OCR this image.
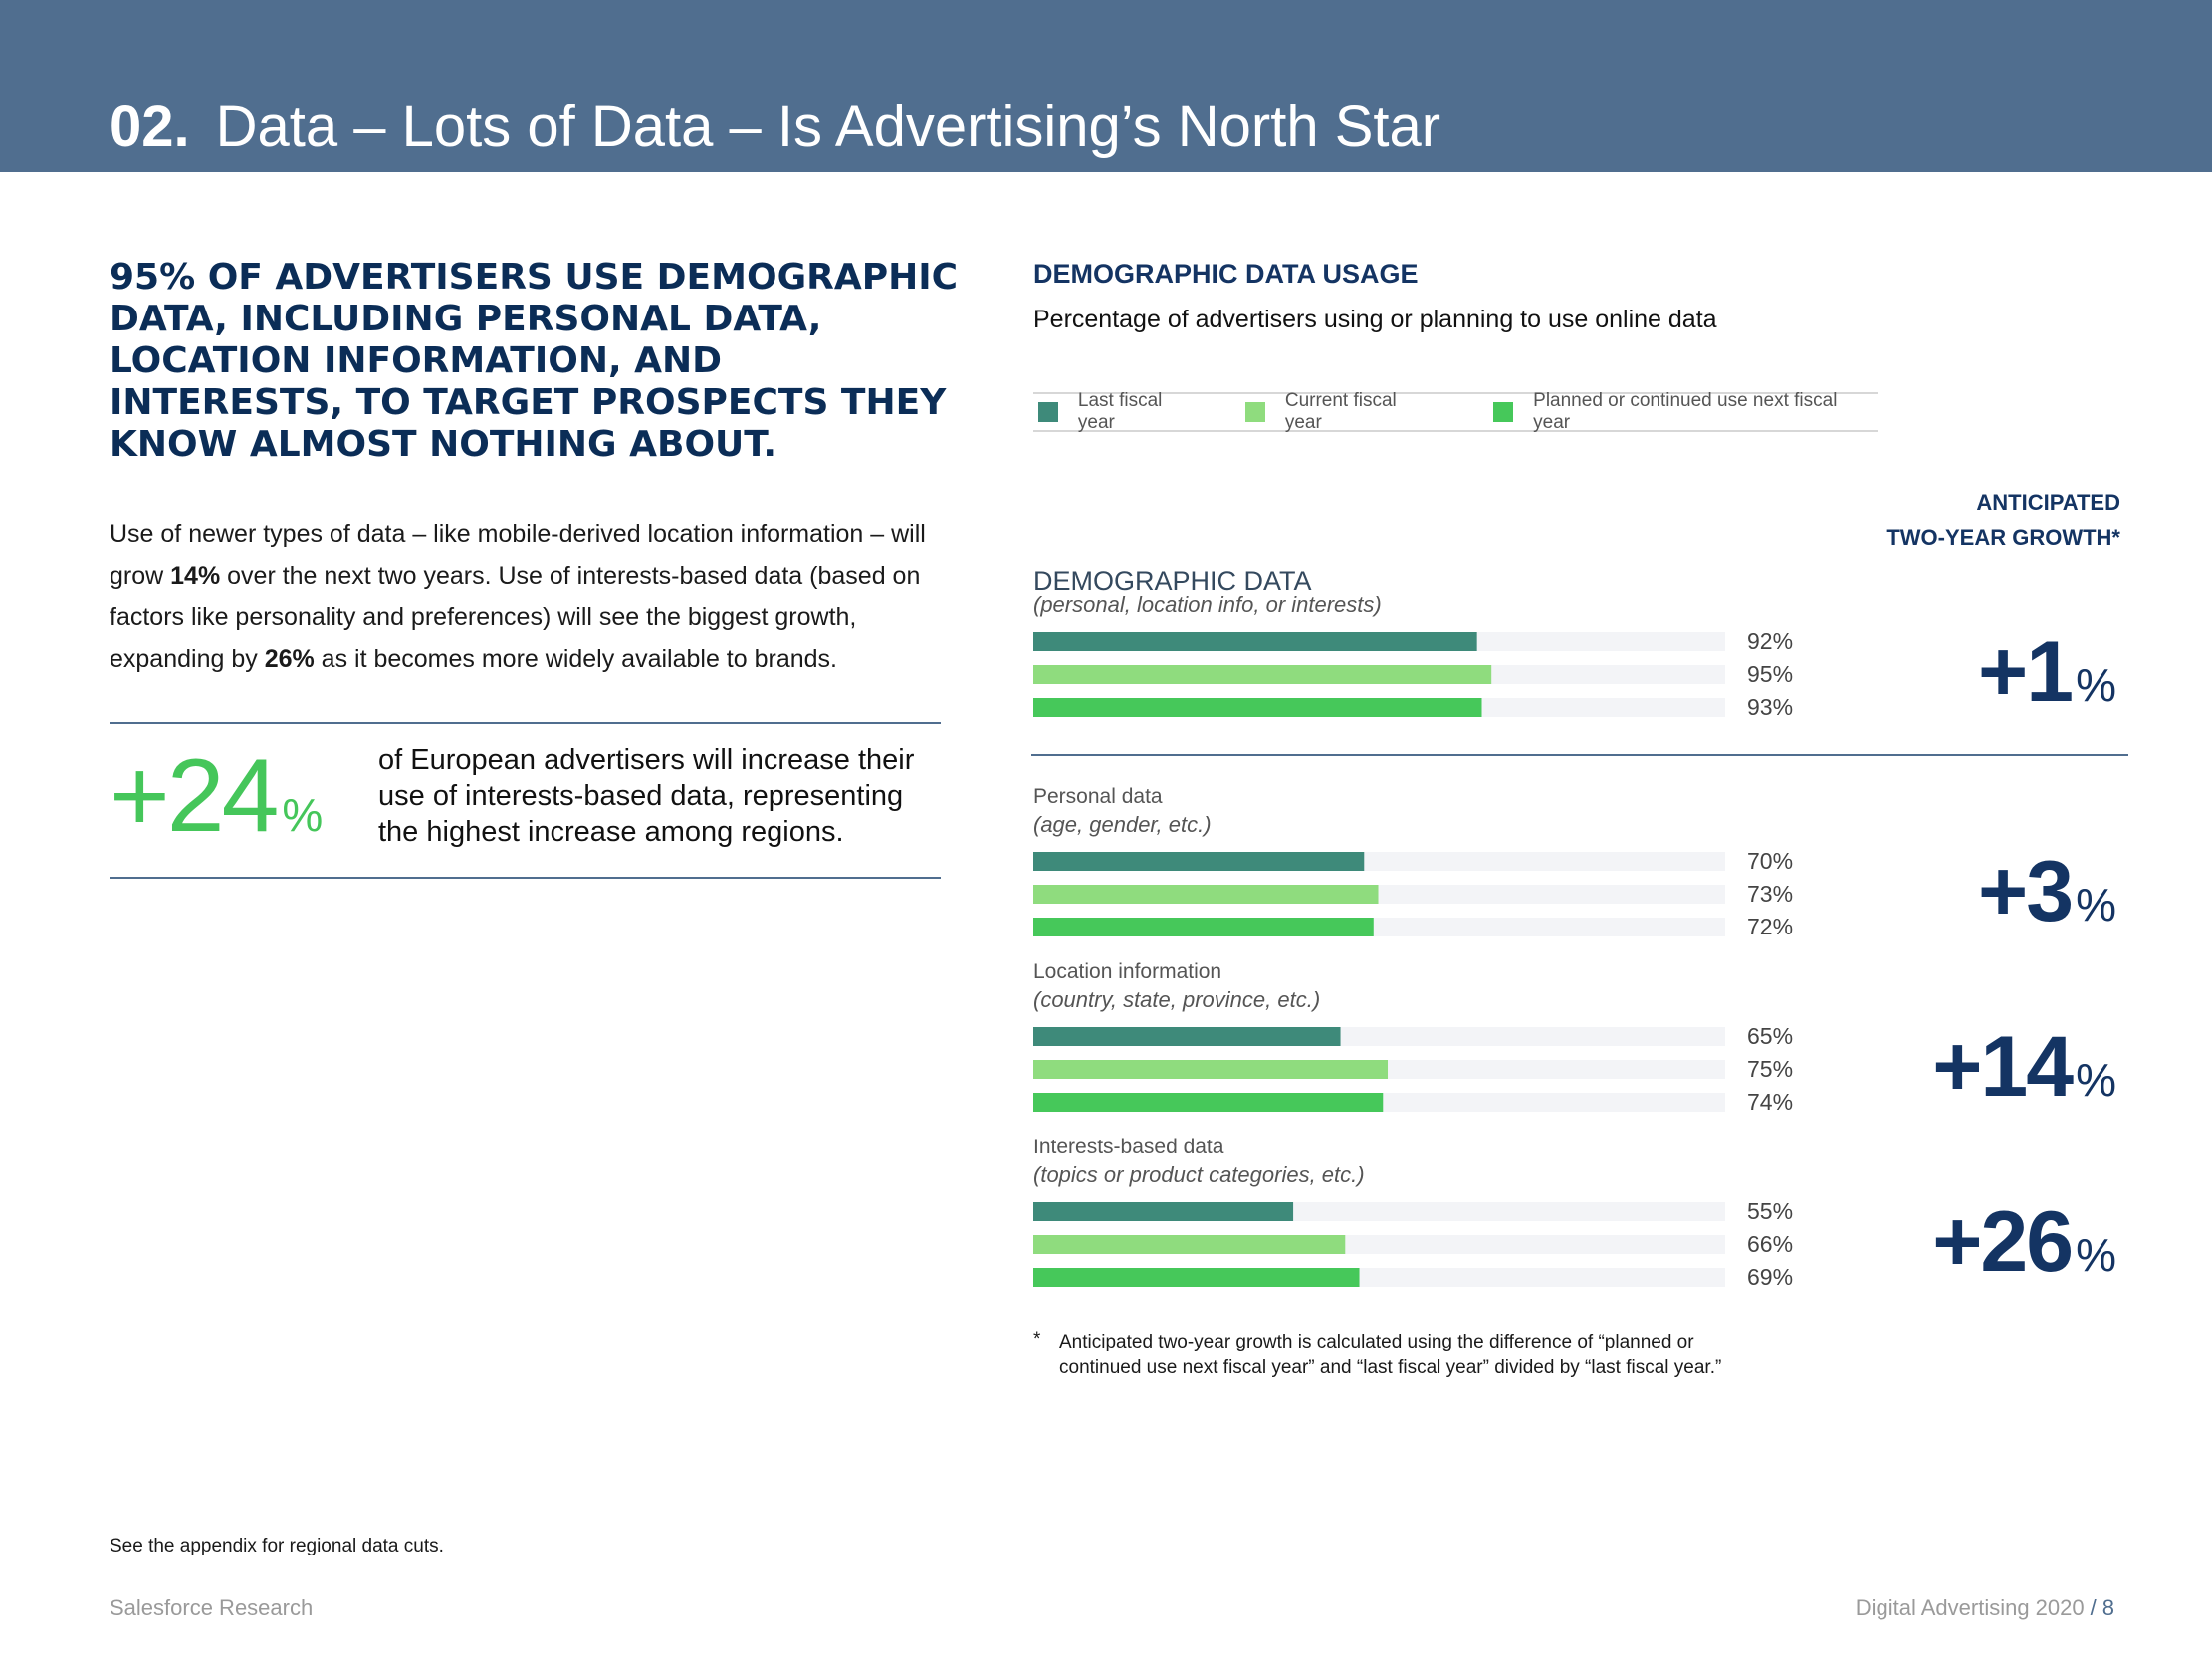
02. Data – Lots of Data – Is Advertising’s North Star
95% OF ADVERTISERS USE DEMOGRAPHIC DATA, INCLUDING PERSONAL DATA, LOCATION INFORMATION, AND INTERESTS, TO TARGET PROSPECTS THEY KNOW ALMOST NOTHING ABOUT.

Use of newer types of data – like mobile-derived location information – will grow 14% over the next two years. Use of interests-based data (based on factors like personality and preferences) will see the biggest growth, expanding by 26% as it becomes more widely available to brands.

+24 %

of European advertisers will increase their use of interests-based data, representing the highest increase among regions.

See the appendix for regional data cuts.
DEMOGRAPHIC DATA USAGE

Percentage of advertisers using or planning to use online data

Last fiscal year
Current fiscal year
Planned or continued use next fiscal year
ANTICIPATED
TWO-YEAR GROWTH*
DEMOGRAPHIC DATA
(personal, location info, or interests)
92%
95%
93% +1%
Personal data
(age, gender, etc.)
70%
73%
72% +3%
Location information
(country, state, province, etc.)
65%
75%
74% +14%
Interests-based data
(topics or product categories, etc.)
55%
66%
69% +26%
* Anticipated two-year growth is calculated using the difference of “planned or continued use next fiscal year” and “last fiscal year” divided by “last fiscal year.”
Salesforce Research	Digital Advertising 2020 / 8
